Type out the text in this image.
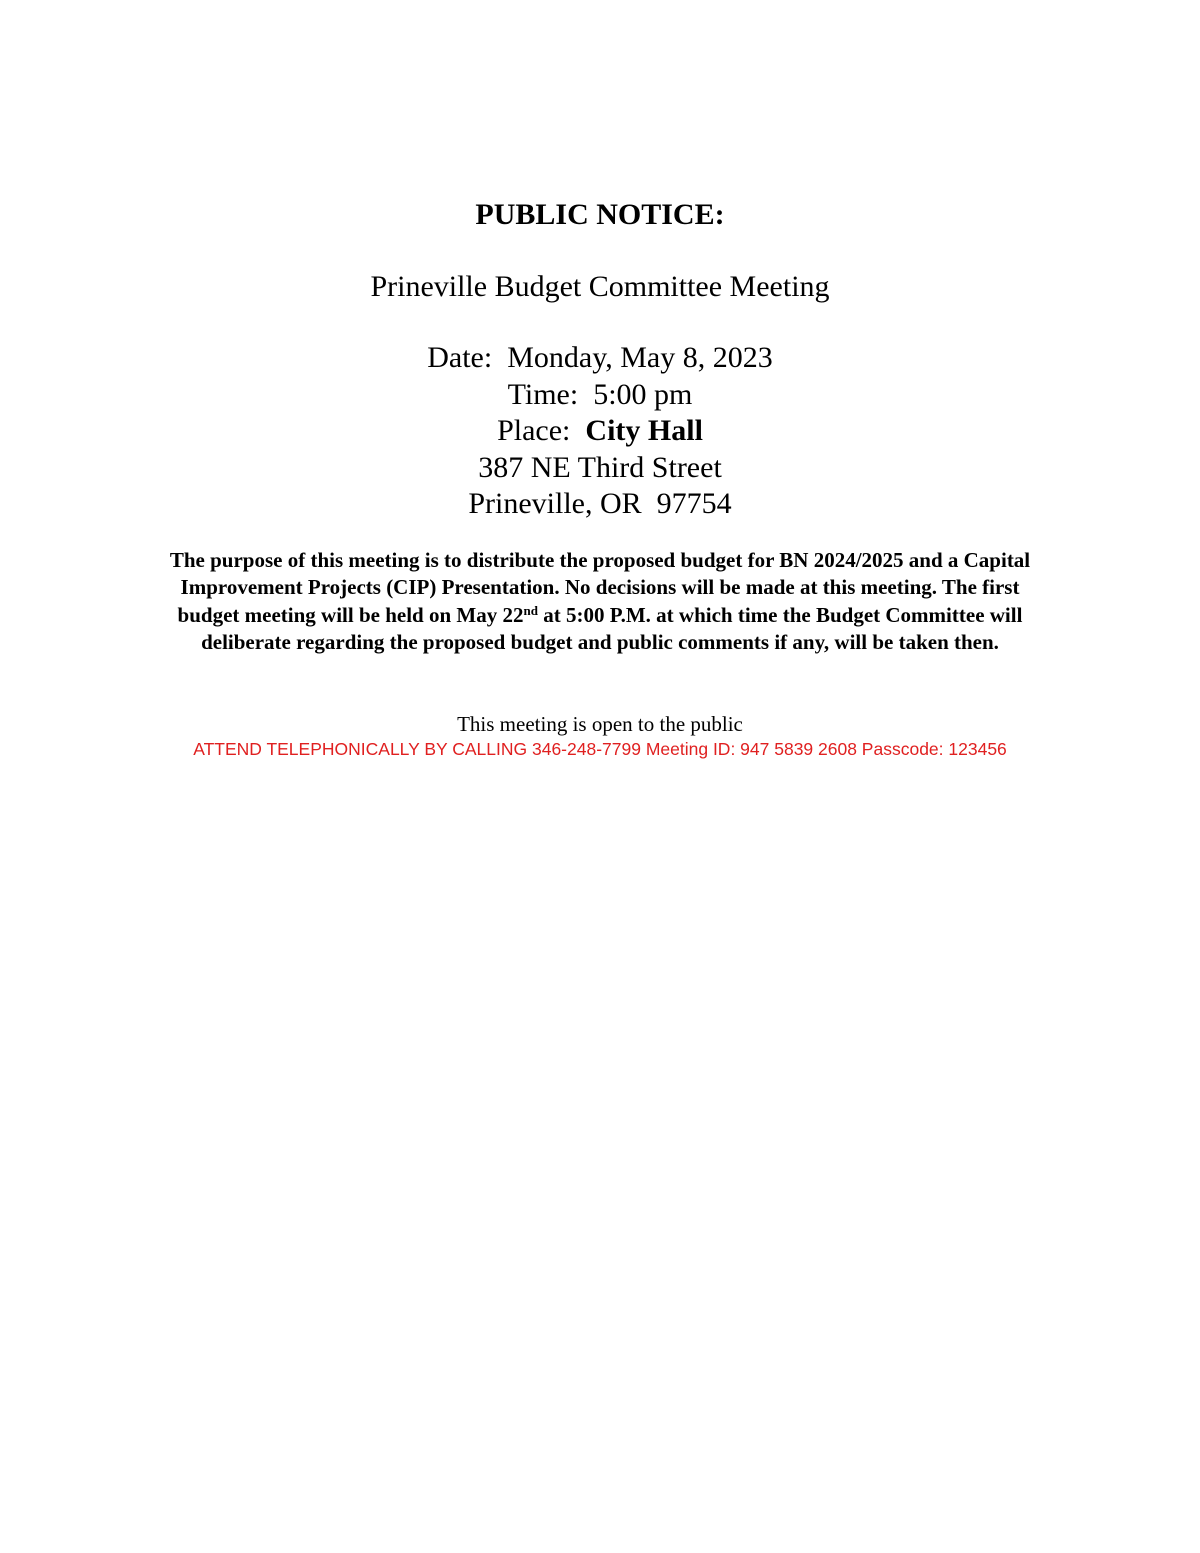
PUBLIC NOTICE:
Prineville Budget Committee Meeting
Date:  Monday, May 8, 2023
Time:  5:00 pm
Place:  City Hall
387 NE Third Street
Prineville, OR  97754
The purpose of this meeting is to distribute the proposed budget for BN 2024/2025 and a Capital Improvement Projects (CIP) Presentation. No decisions will be made at this meeting. The first budget meeting will be held on May 22nd at 5:00 P.M. at which time the Budget Committee will deliberate regarding the proposed budget and public comments if any, will be taken then.
This meeting is open to the public
ATTEND TELEPHONICALLY BY CALLING 346-248-7799 Meeting ID: 947 5839 2608 Passcode: 123456
